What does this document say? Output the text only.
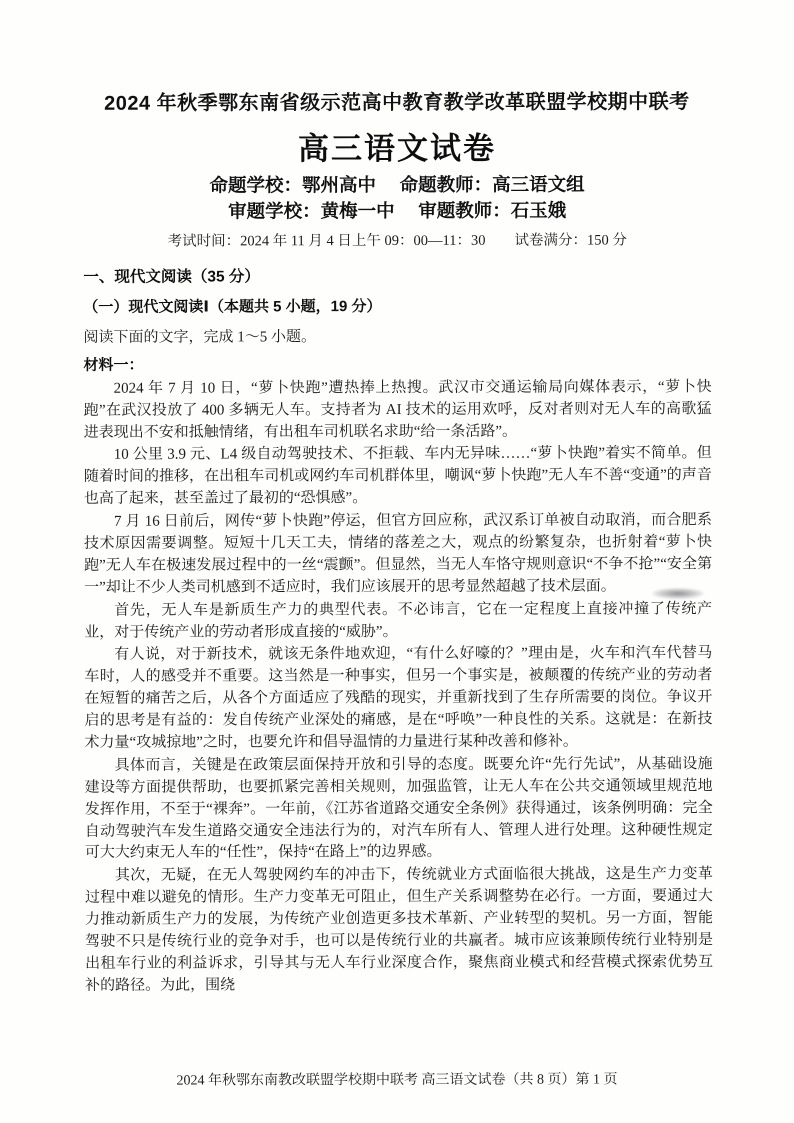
2024 年秋季鄂东南省级示范高中教育教学改革联盟学校期中联考
高三语文试卷
命题学校：鄂州高中　 命题教师：高三语文组
审题学校：黄梅一中　 审题教师：石玉娥
考试时间：2024 年 11 月 4 日上午 09：00—11：30　　试卷满分：150 分
一、现代文阅读（35 分）
（一）现代文阅读Ⅰ（本题共 5 小题，19 分）
阅读下面的文字，完成 1～5 小题。
材料一：

2024 年 7 月 10 日，“萝卜快跑”遭热捧上热搜。武汉市交通运输局向媒体表示，“萝卜快跑”在武汉投放了 400 多辆无人车。支持者为 AI 技术的运用欢呼，反对者则对无人车的高歌猛进表现出不安和抵触情绪，有出租车司机联名求助“给一条活路”。

10 公里 3.9 元、L4 级自动驾驶技术、不拒载、车内无异味……“萝卜快跑”着实不简单。但随着时间的推移，在出租车司机或网约车司机群体里，嘲讽“萝卜快跑”无人车不善“变通”的声音也高了起来，甚至盖过了最初的“恐惧感”。

7 月 16 日前后，网传“萝卜快跑”停运，但官方回应称，武汉系订单被自动取消，而合肥系技术原因需要调整。短短十几天工夫，情绪的落差之大，观点的纷繁复杂，也折射着“萝卜快跑”无人车在极速发展过程中的一丝“震颤”。但显然，当无人车恪守规则意识“不争不抢”“安全第一”却让不少人类司机感到不适应时，我们应该展开的思考显然超越了技术层面。

首先，无人车是新质生产力的典型代表。不必讳言，它在一定程度上直接冲撞了传统产业，对于传统产业的劳动者形成直接的“威胁”。

有人说，对于新技术，就该无条件地欢迎，“有什么好嚎的？”理由是，火车和汽车代替马车时，人的感受并不重要。这当然是一种事实，但另一个事实是，被颠覆的传统产业的劳动者在短暂的痛苦之后，从各个方面适应了残酷的现实，并重新找到了生存所需要的岗位。争议开启的思考是有益的：发自传统产业深处的痛感，是在“呼唤”一种良性的关系。这就是：在新技术力量“攻城掠地”之时，也要允许和倡导温情的力量进行某种改善和修补。

具体而言，关键是在政策层面保持开放和引导的态度。既要允许“先行先试”，从基础设施建设等方面提供帮助，也要抓紧完善相关规则，加强监管，让无人车在公共交通领域里规范地发挥作用，不至于“裸奔”。一年前，《江苏省道路交通安全条例》获得通过，该条例明确：完全自动驾驶汽车发生道路交通安全违法行为的，对汽车所有人、管理人进行处理。这种硬性规定可大大约束无人车的“任性”，保持“在路上”的边界感。

其次，无疑，在无人驾驶网约车的冲击下，传统就业方式面临很大挑战，这是生产力变革过程中难以避免的情形。生产力变革无可阻止，但生产关系调整势在必行。一方面，要通过大力推动新质生产力的发展，为传统产业创造更多技术革新、产业转型的契机。另一方面，智能驾驶不只是传统行业的竞争对手，也可以是传统行业的共赢者。城市应该兼顾传统行业特别是出租车行业的利益诉求，引导其与无人车行业深度合作，聚焦商业模式和经营模式探索优势互补的路径。为此，围绕

2024 年秋鄂东南教改联盟学校期中联考 高三语文试卷（共 8 页）第 1 页
